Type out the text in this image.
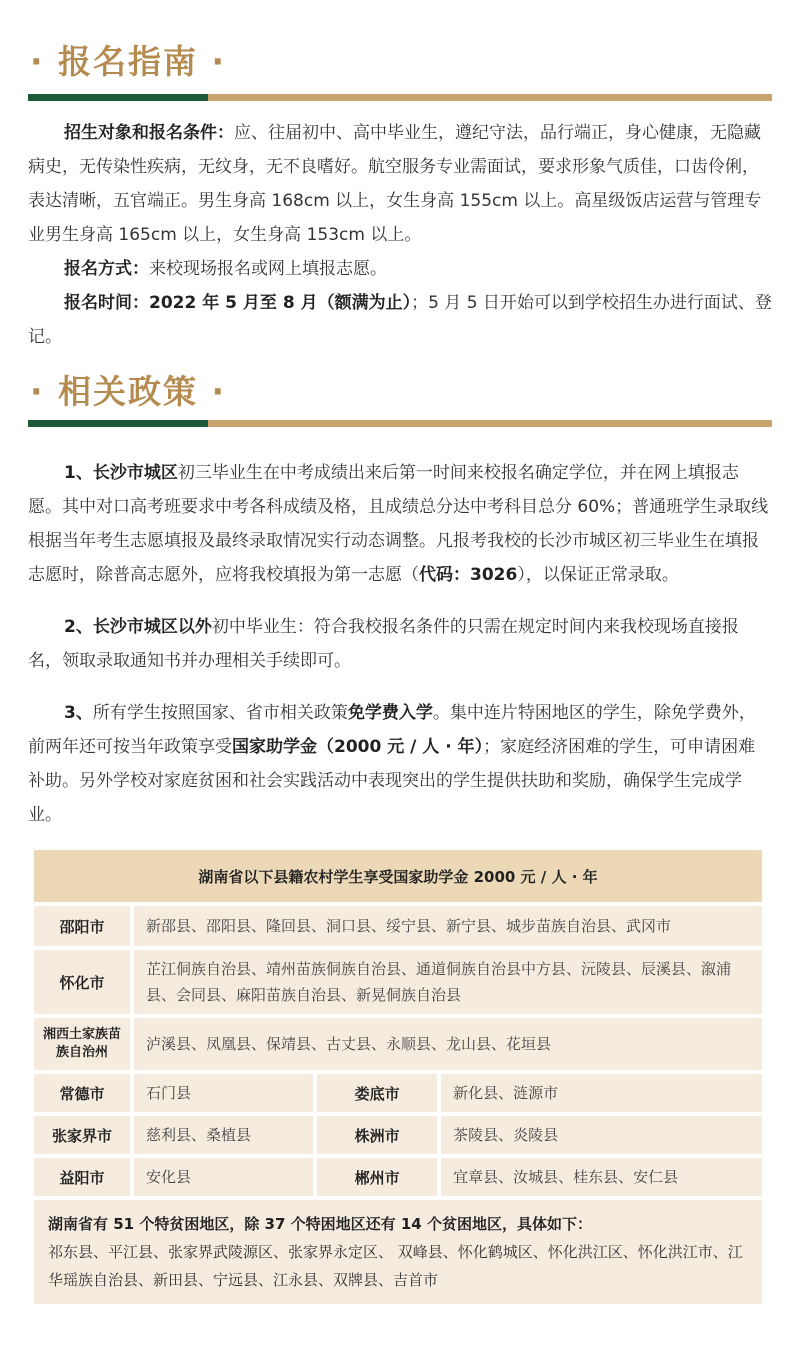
· 报名指南 ·
招生对象和报名条件：应、往届初中、高中毕业生，遵纪守法，品行端正，身心健康，无隐藏病史，无传染性疾病，无纹身，无不良嗜好。航空服务专业需面试，要求形象气质佳，口齿伶俐，表达清晰，五官端正。男生身高 168cm 以上，女生身高 155cm 以上。高星级饭店运营与管理专业男生身高 165cm 以上，女生身高 153cm 以上。
报名方式：来校现场报名或网上填报志愿。
报名时间：2022 年 5 月至 8 月（额满为止）；5 月 5 日开始可以到学校招生办进行面试、登记。
· 相关政策 ·
1、长沙市城区初三毕业生在中考成绩出来后第一时间来校报名确定学位，并在网上填报志愿。其中对口高考班要求中考各科成绩及格，且成绩总分达中考科目总分 60%；普通班学生录取线根据当年考生志愿填报及最终录取情况实行动态调整。凡报考我校的长沙市城区初三毕业生在填报志愿时，除普高志愿外，应将我校填报为第一志愿（代码：3026），以保证正常录取。
2、长沙市城区以外初中毕业生：符合我校报名条件的只需在规定时间内来我校现场直接报名，领取录取通知书并办理相关手续即可。
3、所有学生按照国家、省市相关政策免学费入学。集中连片特困地区的学生，除免学费外，前两年还可按当年政策享受国家助学金（2000 元 / 人 · 年）；家庭经济困难的学生，可申请困难补助。另外学校对家庭贫困和社会实践活动中表现突出的学生提供扶助和奖励，确保学生完成学业。
湖南省以下县籍农村学生享受国家助学金 2000 元 / 人 · 年			
邵阳市	新邵县、邵阳县、隆回县、洞口县、绥宁县、新宁县、城步苗族自治县、武冈市		
怀化市	芷江侗族自治县、靖州苗族侗族自治县、通道侗族自治县中方县、沅陵县、辰溪县、溆浦县、会同县、麻阳苗族自治县、新晃侗族自治县		
湘西土家族苗族自治州	泸溪县、凤凰县、保靖县、古丈县、永顺县、龙山县、花垣县		
常德市	石门县	娄底市	新化县、涟源市
张家界市	慈利县、桑植县	株洲市	茶陵县、炎陵县
益阳市	安化县	郴州市	宜章县、汝城县、桂东县、安仁县

湖南省有 51 个特贫困地区，除 37 个特困地区还有 14 个贫困地区，具体如下：
祁东县、平江县、张家界武陵源区、张家界永定区、 双峰县、怀化鹤城区、怀化洪江区、怀化洪江市、江华瑶族自治县、新田县、宁远县、江永县、双牌县、吉首市			
